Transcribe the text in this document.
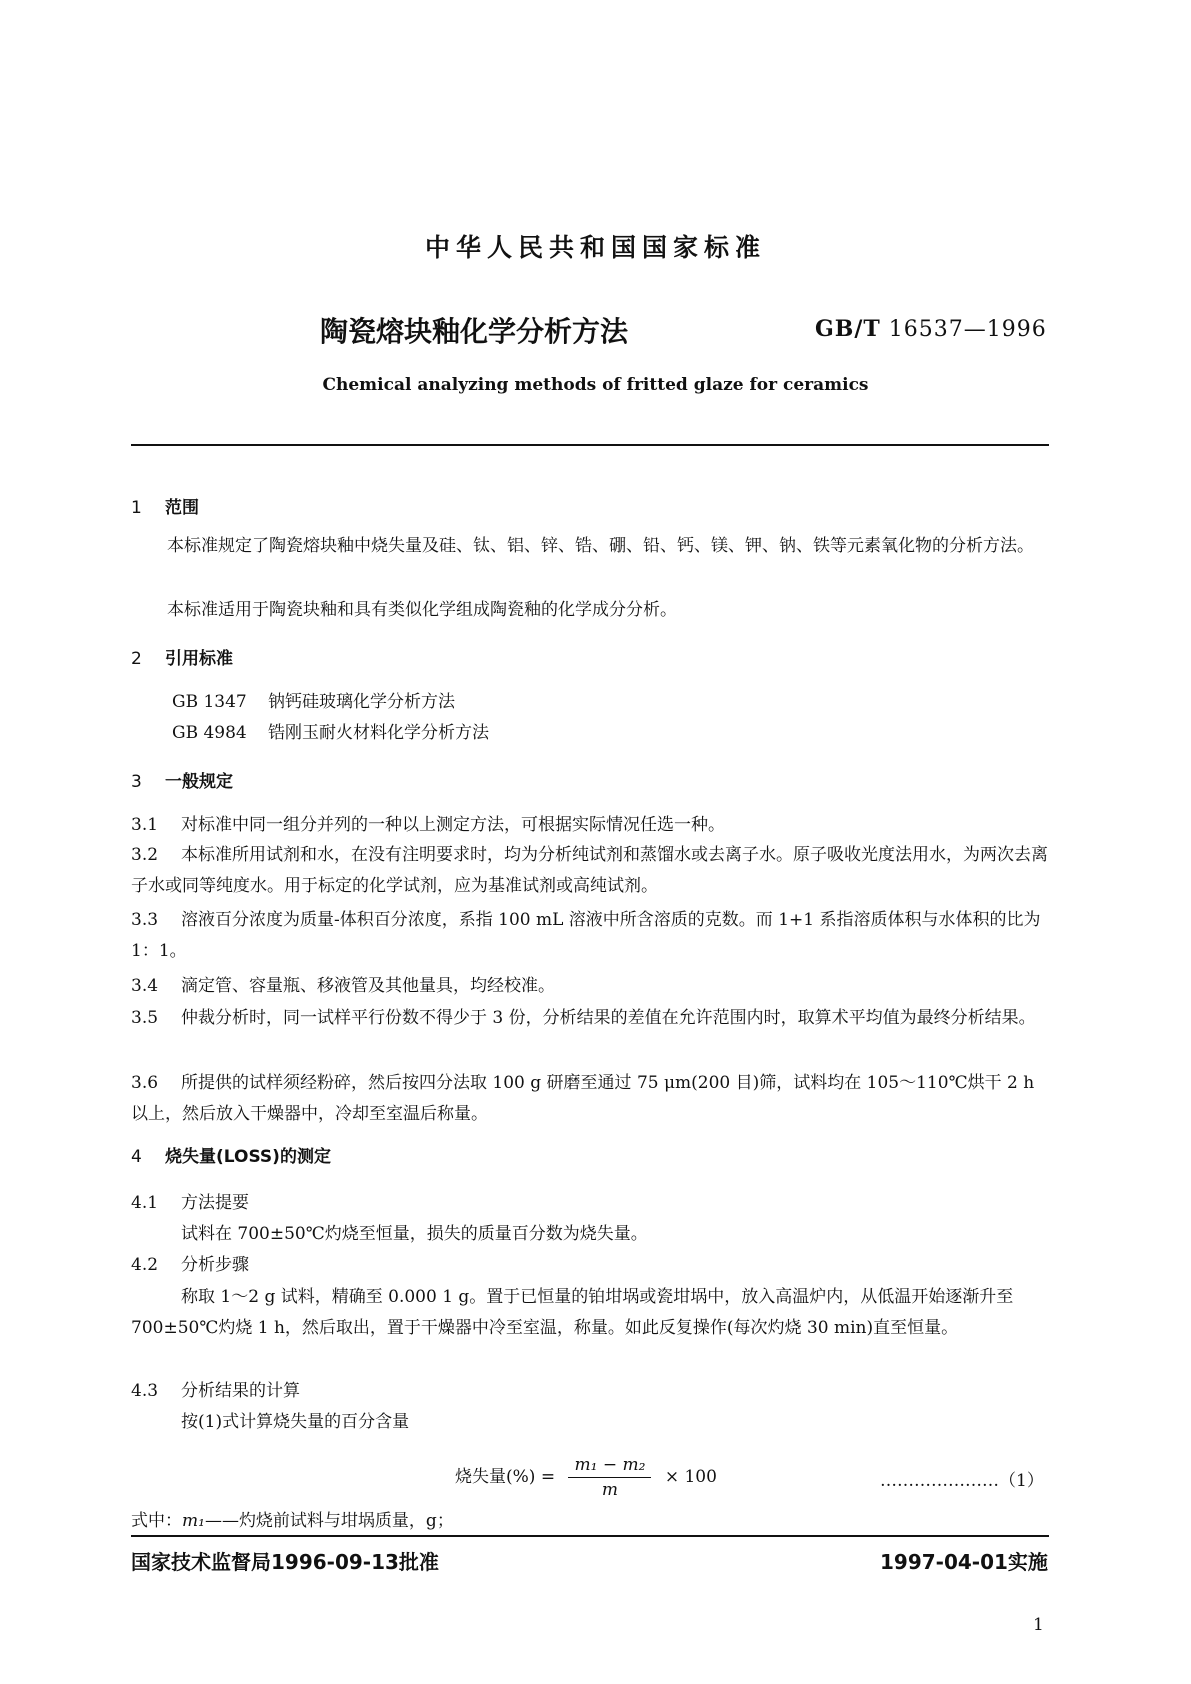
中华人民共和国国家标准
陶瓷熔块釉化学分析方法	GB/T 16537—1996
Chemical analyzing methods of fritted glaze for ceramics
1 范围
本标准规定了陶瓷熔块釉中烧失量及硅、钛、铝、锌、锆、硼、铅、钙、镁、钾、钠、铁等元素氧化物的分析方法。
本标准适用于陶瓷块釉和具有类似化学组成陶瓷釉的化学成分分析。
2 引用标准
GB 1347 钠钙硅玻璃化学分析方法
GB 4984 锆刚玉耐火材料化学分析方法
3 一般规定
3.1 对标准中同一组分并列的一种以上测定方法，可根据实际情况任选一种。
3.2 本标准所用试剂和水，在没有注明要求时，均为分析纯试剂和蒸馏水或去离子水。原子吸收光度法用水，为两次去离子水或同等纯度水。用于标定的化学试剂，应为基准试剂或高纯试剂。
3.3 溶液百分浓度为质量-体积百分浓度，系指 100 mL 溶液中所含溶质的克数。而 1+1 系指溶质体积与水体积的比为 1：1。
3.4 滴定管、容量瓶、移液管及其他量具，均经校准。
3.5 仲裁分析时，同一试样平行份数不得少于 3 份，分析结果的差值在允许范围内时，取算术平均值为最终分析结果。
3.6 所提供的试样须经粉碎，然后按四分法取 100 g 研磨至通过 75 μm(200 目)筛，试料均在 105～110℃烘干 2 h 以上，然后放入干燥器中，冷却至室温后称量。
4 烧失量(LOSS)的测定
4.1 方法提要
试料在 700±50℃灼烧至恒量，损失的质量百分数为烧失量。
4.2 分析步骤
称取 1～2 g 试料，精确至 0.000 1 g。置于已恒量的铂坩埚或瓷坩埚中，放入高温炉内，从低温开始逐渐升至 700±50℃灼烧 1 h，然后取出，置于干燥器中冷至室温，称量。如此反复操作(每次灼烧 30 min)直至恒量。
4.3 分析结果的计算
按(1)式计算烧失量的百分含量
烧失量(%) = $\frac{\text{m₁ − m₂}}{m} \times 100$	…………………（1）
式中：m₁——灼烧前试料与坩埚质量，g；
国家技术监督局1996-09-13批准	1997-04-01实施
1
